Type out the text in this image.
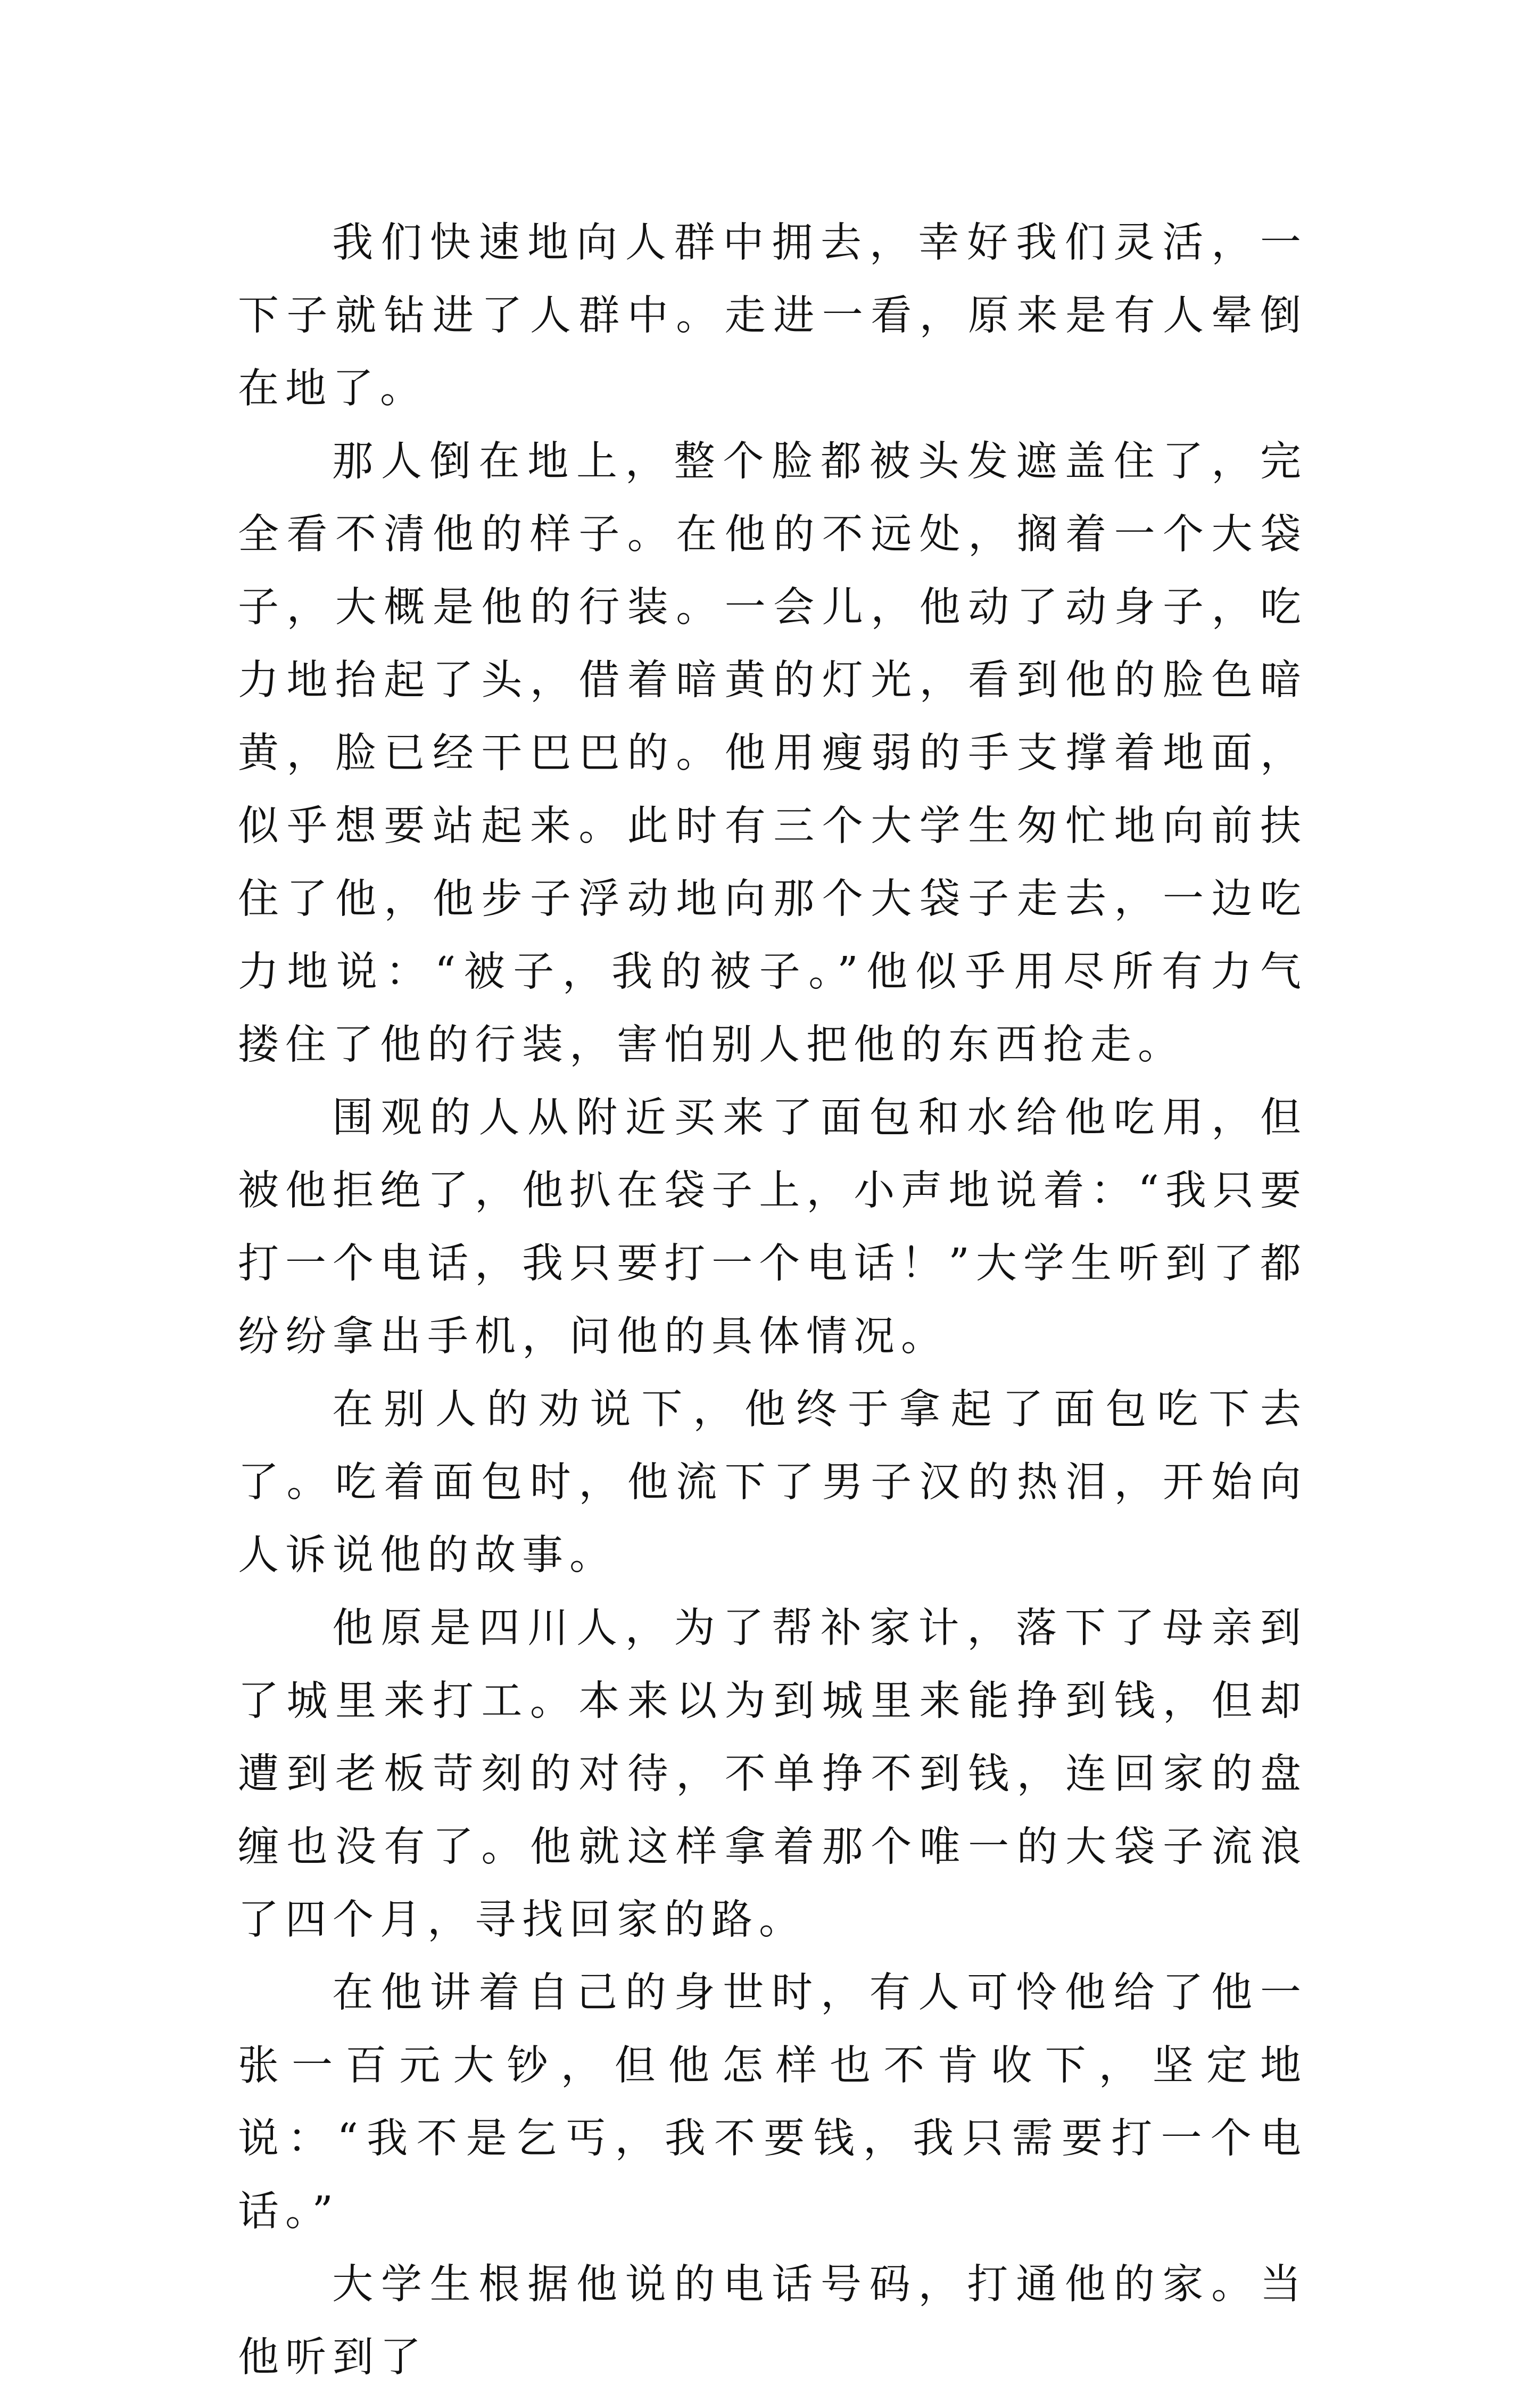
我们快速地向人群中拥去，幸好我们灵活，一下子就钻进了人群中。走进一看，原来是有人晕倒在地了。

那人倒在地上，整个脸都被头发遮盖住了，完全看不清他的样子。在他的不远处，搁着一个大袋子，大概是他的行装。一会儿，他动了动身子，吃力地抬起了头，借着暗黄的灯光，看到他的脸色暗黄，脸已经干巴巴的。他用瘦弱的手支撑着地面，似乎想要站起来。此时有三个大学生匆忙地向前扶住了他，他步子浮动地向那个大袋子走去，一边吃力地说：“被子，我的被子。”他似乎用尽所有力气搂住了他的行装，害怕别人把他的东西抢走。

围观的人从附近买来了面包和水给他吃用，但被他拒绝了，他扒在袋子上，小声地说着：“我只要打一个电话，我只要打一个电话！”大学生听到了都纷纷拿出手机，问他的具体情况。

在别人的劝说下，他终于拿起了面包吃下去了。吃着面包时，他流下了男子汉的热泪，开始向人诉说他的故事。

他原是四川人，为了帮补家计，落下了母亲到了城里来打工。本来以为到城里来能挣到钱，但却遭到老板苛刻的对待，不单挣不到钱，连回家的盘缠也没有了。他就这样拿着那个唯一的大袋子流浪了四个月，寻找回家的路。

在他讲着自己的身世时，有人可怜他给了他一张一百元大钞，但他怎样也不肯收下，坚定地说：“我不是乞丐，我不要钱，我只需要打一个电话。”

大学生根据他说的电话号码，打通他的家。当他听到了
